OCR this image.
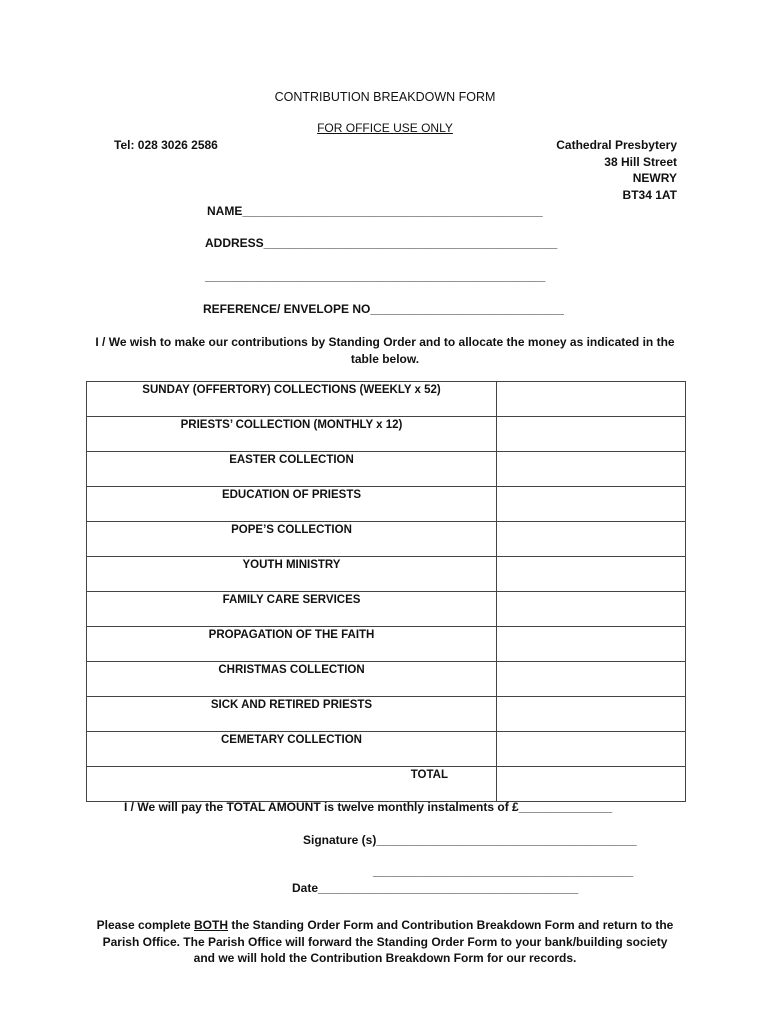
CONTRIBUTION BREAKDOWN FORM
FOR OFFICE USE ONLY
Tel: 028 3026 2586	Cathedral Presbytery
38 Hill Street
NEWRY
BT34 1AT
NAME_____________________________________________
ADDRESS____________________________________________
___________________________________________________
REFERENCE/ ENVELOPE NO_____________________________
I / We wish to make our contributions by Standing Order and to allocate the money as indicated in the table below.
SUNDAY (OFFERTORY) COLLECTIONS (WEEKLY x 52)	
PRIESTS’ COLLECTION (MONTHLY x 12)	
EASTER COLLECTION	
EDUCATION OF PRIESTS	
POPE’S COLLECTION	
YOUTH MINISTRY	
FAMILY CARE SERVICES	
PROPAGATION OF THE FAITH	
CHRISTMAS COLLECTION	
SICK AND RETIRED PRIESTS	
CEMETARY COLLECTION	
TOTAL	
I / We will pay the TOTAL AMOUNT is twelve monthly instalments of £______________
Signature (s)_______________________________________
_______________________________________
Date_______________________________________
Please complete BOTH the Standing Order Form and Contribution Breakdown Form and return to the Parish Office. The Parish Office will forward the Standing Order Form to your bank/building society and we will hold the Contribution Breakdown Form for our records.
